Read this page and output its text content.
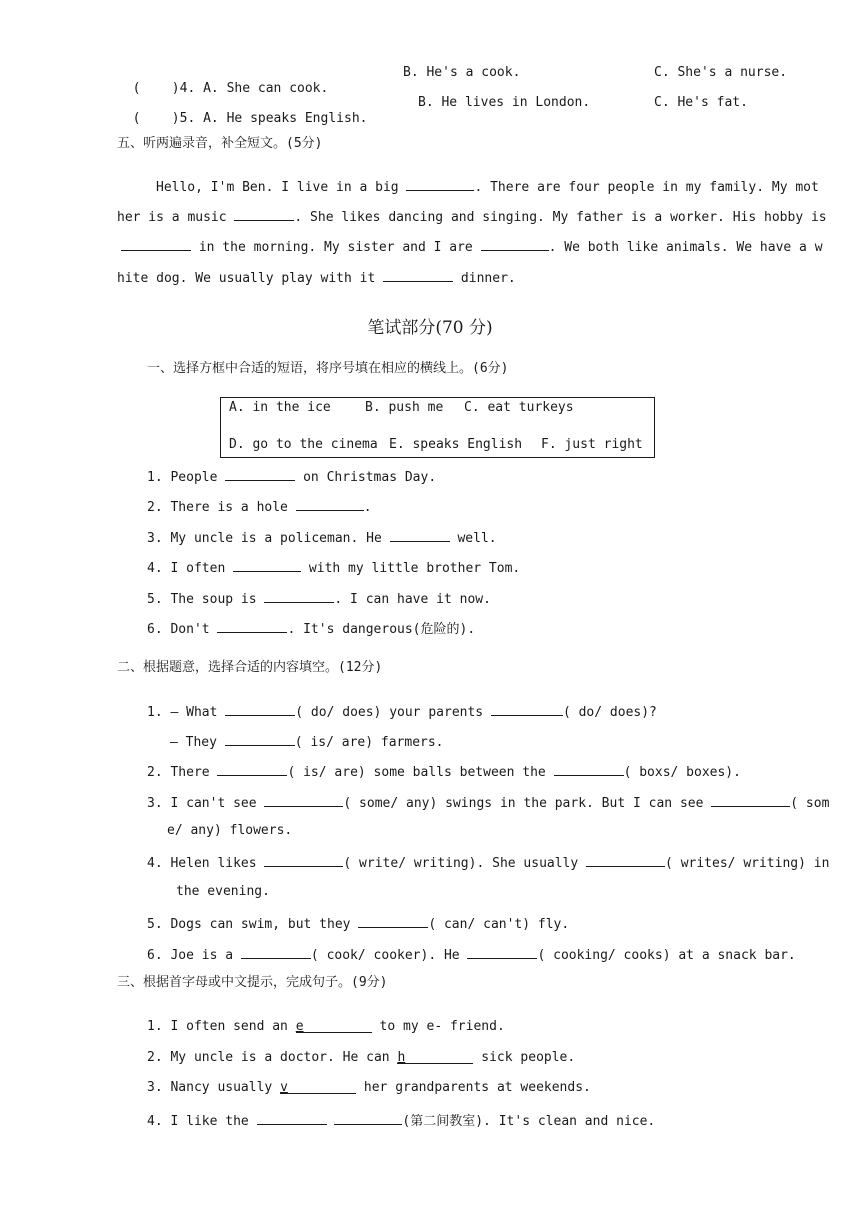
(    )4. A. She can cook.

B. He's a cook.	C. She's a nurse.

(    )5. A. He speaks English.

B. He lives in London.	C. He's fat.
五、听两遍录音，补全短文。(5分)
Hello, I'm Ben. I live in a big	. There are four people in my family. My mot
her is a music	. She likes dancing and singing. My father is a worker. His hobby is
in the morning. My sister and I are	. We both like animals. We have a w
hite dog. We usually play with it	dinner.
笔试部分(70 分)
一、选择方框中合适的短语，将序号填在相应的横线上。(6分)
A. in the ice	B. push me C. eat turkeys
D. go to the cinema E. speaks English F. just right
1. People	on Christmas Day.
2. There is a hole	.
3. My uncle is a policeman. He	well.
4. I often	with my little brother Tom.
5. The soup is	. I can have it now.
6. Don't	. It's dangerous(危险的).
二、根据题意，选择合适的内容填空。(12分)
1. — What	( do/ does) your parents	( do/ does)?
— They	( is/ are) farmers.
2. There	( is/ are) some balls between the	( boxs/ boxes).
3. I can't see	( some/ any) swings in the park. But I can see	( som
e/ any) flowers.
4. Helen likes	( write/ writing). She usually	( writes/ writing) in
the evening.
5. Dogs can swim, but they	( can/ can't) fly.
6. Joe is a	( cook/ cooker). He	( cooking/ cooks) at a snack bar.
三、根据首字母或中文提示，完成句子。(9分)
1. I often send an e	to my e- friend.
2. My uncle is a doctor. He can h	sick people.
3. Nancy usually v	her grandparents at weekends.
4. I like the	(第二间教室). It's clean and nice.
